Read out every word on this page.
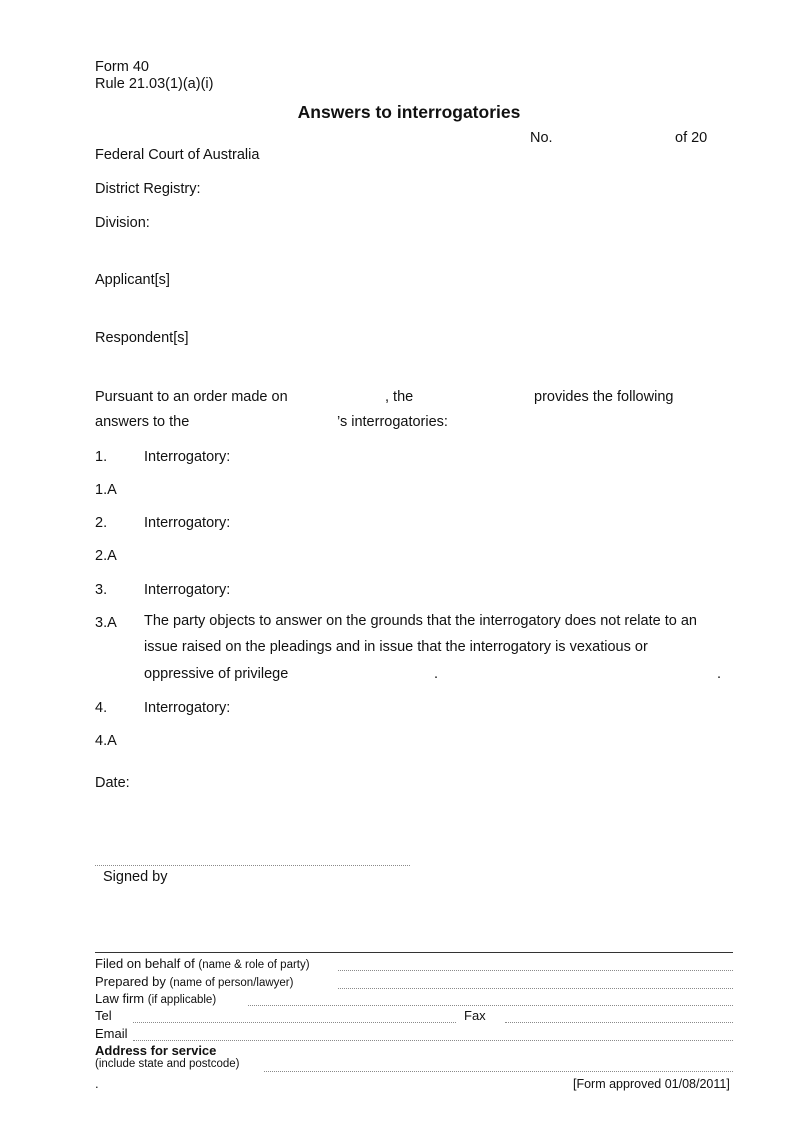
Form 40
Rule 21.03(1)(a)(i)
Answers to interrogatories
No.	of 20
Federal Court of Australia
District Registry:
Division:
Applicant[s]
Respondent[s]
Pursuant to an order made on	, the	provides the following
answers to the	’s interrogatories:
1.	Interrogatory:
1.A
2.	Interrogatory:
2.A
3.	Interrogatory:
3.A The party objects to answer on the grounds that the interrogatory does not relate to an issue raised on the pleadings and in issue that the interrogatory is vexatious or
oppressive of privilege	.	.
4.	Interrogatory:
4.A
Date:
Signed by
Filed on behalf of (name & role of party)
Prepared by (name of person/lawyer)
Law firm (if applicable)
Tel	Fax
Email
Address for service
(include state and postcode)
.	[Form approved 01/08/2011]
